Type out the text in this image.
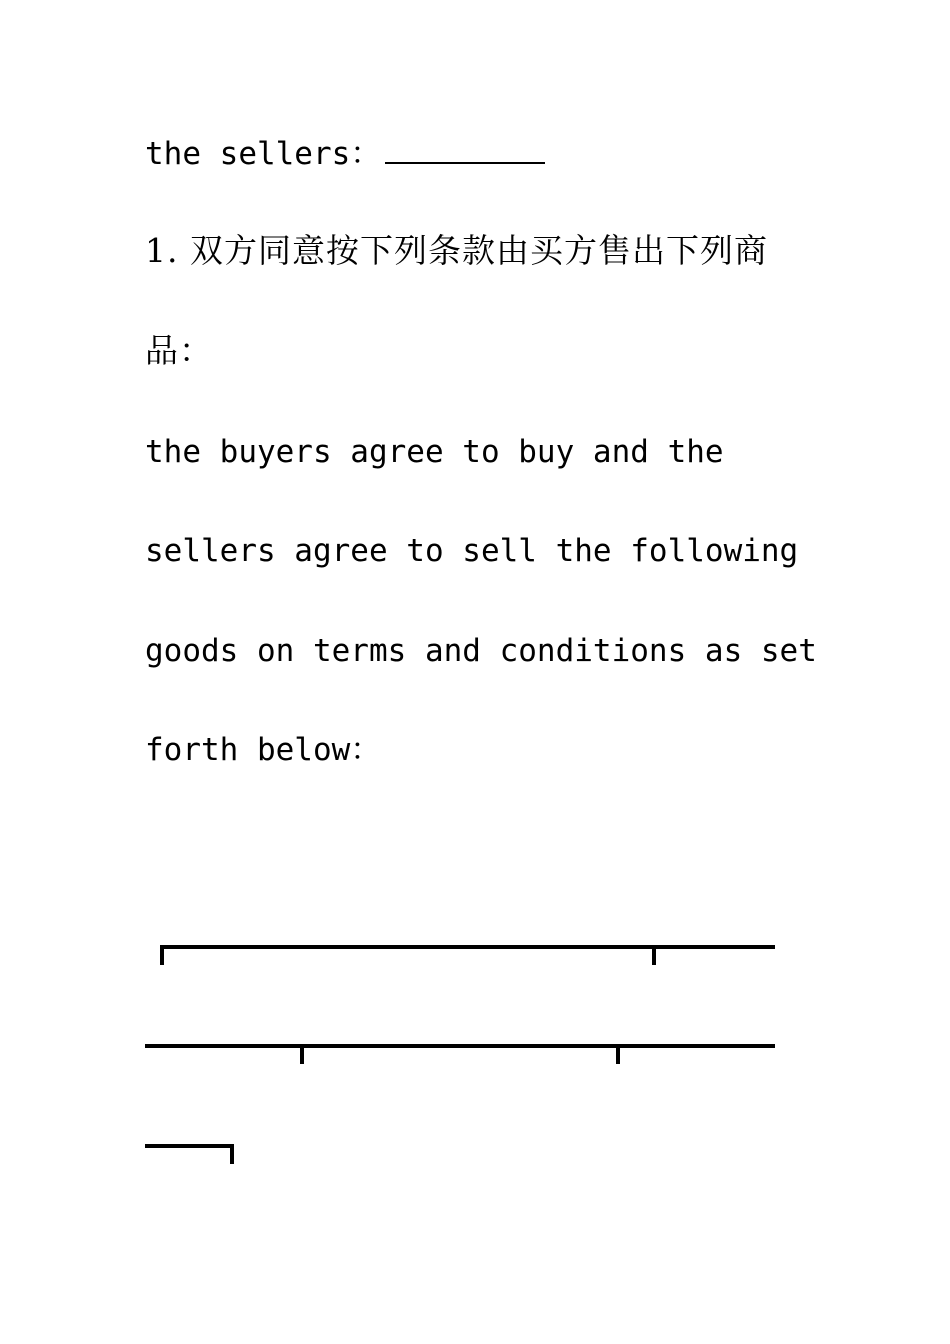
the sellers：
1. 双方同意按下列条款由买方售出下列商
品：
the buyers agree to buy and the
sellers agree to sell the following
goods on terms and conditions as set
forth below：
